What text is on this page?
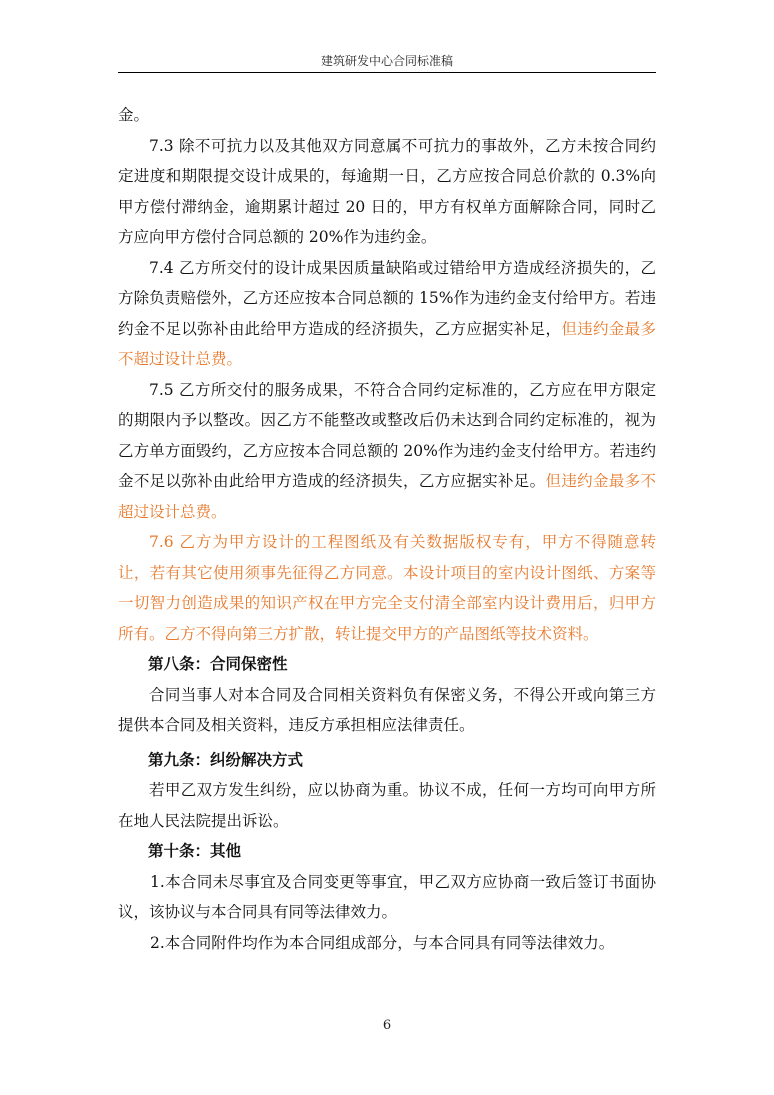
建筑研发中心合同标准稿

金。

7.3 除不可抗力以及其他双方同意属不可抗力的事故外，乙方未按合同约定进度和期限提交设计成果的，每逾期一日，乙方应按合同总价款的 0.3%向甲方偿付滞纳金，逾期累计超过 20 日的，甲方有权单方面解除合同，同时乙方应向甲方偿付合同总额的 20%作为违约金。

7.4 乙方所交付的设计成果因质量缺陷或过错给甲方造成经济损失的，乙方除负责赔偿外，乙方还应按本合同总额的 15%作为违约金支付给甲方。若违约金不足以弥补由此给甲方造成的经济损失，乙方应据实补足，但违约金最多不超过设计总费。

7.5 乙方所交付的服务成果，不符合合同约定标准的，乙方应在甲方限定的期限内予以整改。因乙方不能整改或整改后仍未达到合同约定标准的，视为乙方单方面毁约，乙方应按本合同总额的 20%作为违约金支付给甲方。若违约金不足以弥补由此给甲方造成的经济损失，乙方应据实补足。但违约金最多不超过设计总费。

7.6 乙方为甲方设计的工程图纸及有关数据版权专有，甲方不得随意转让，若有其它使用须事先征得乙方同意。本设计项目的室内设计图纸、方案等一切智力创造成果的知识产权在甲方完全支付清全部室内设计费用后，归甲方所有。乙方不得向第三方扩散，转让提交甲方的产品图纸等技术资料。

第八条：合同保密性

合同当事人对本合同及合同相关资料负有保密义务，不得公开或向第三方提供本合同及相关资料，违反方承担相应法律责任。

第九条：纠纷解决方式

若甲乙双方发生纠纷，应以协商为重。协议不成，任何一方均可向甲方所在地人民法院提出诉讼。

第十条：其他

1.本合同未尽事宜及合同变更等事宜，甲乙双方应协商一致后签订书面协议，该协议与本合同具有同等法律效力。

2.本合同附件均作为本合同组成部分，与本合同具有同等法律效力。

6
